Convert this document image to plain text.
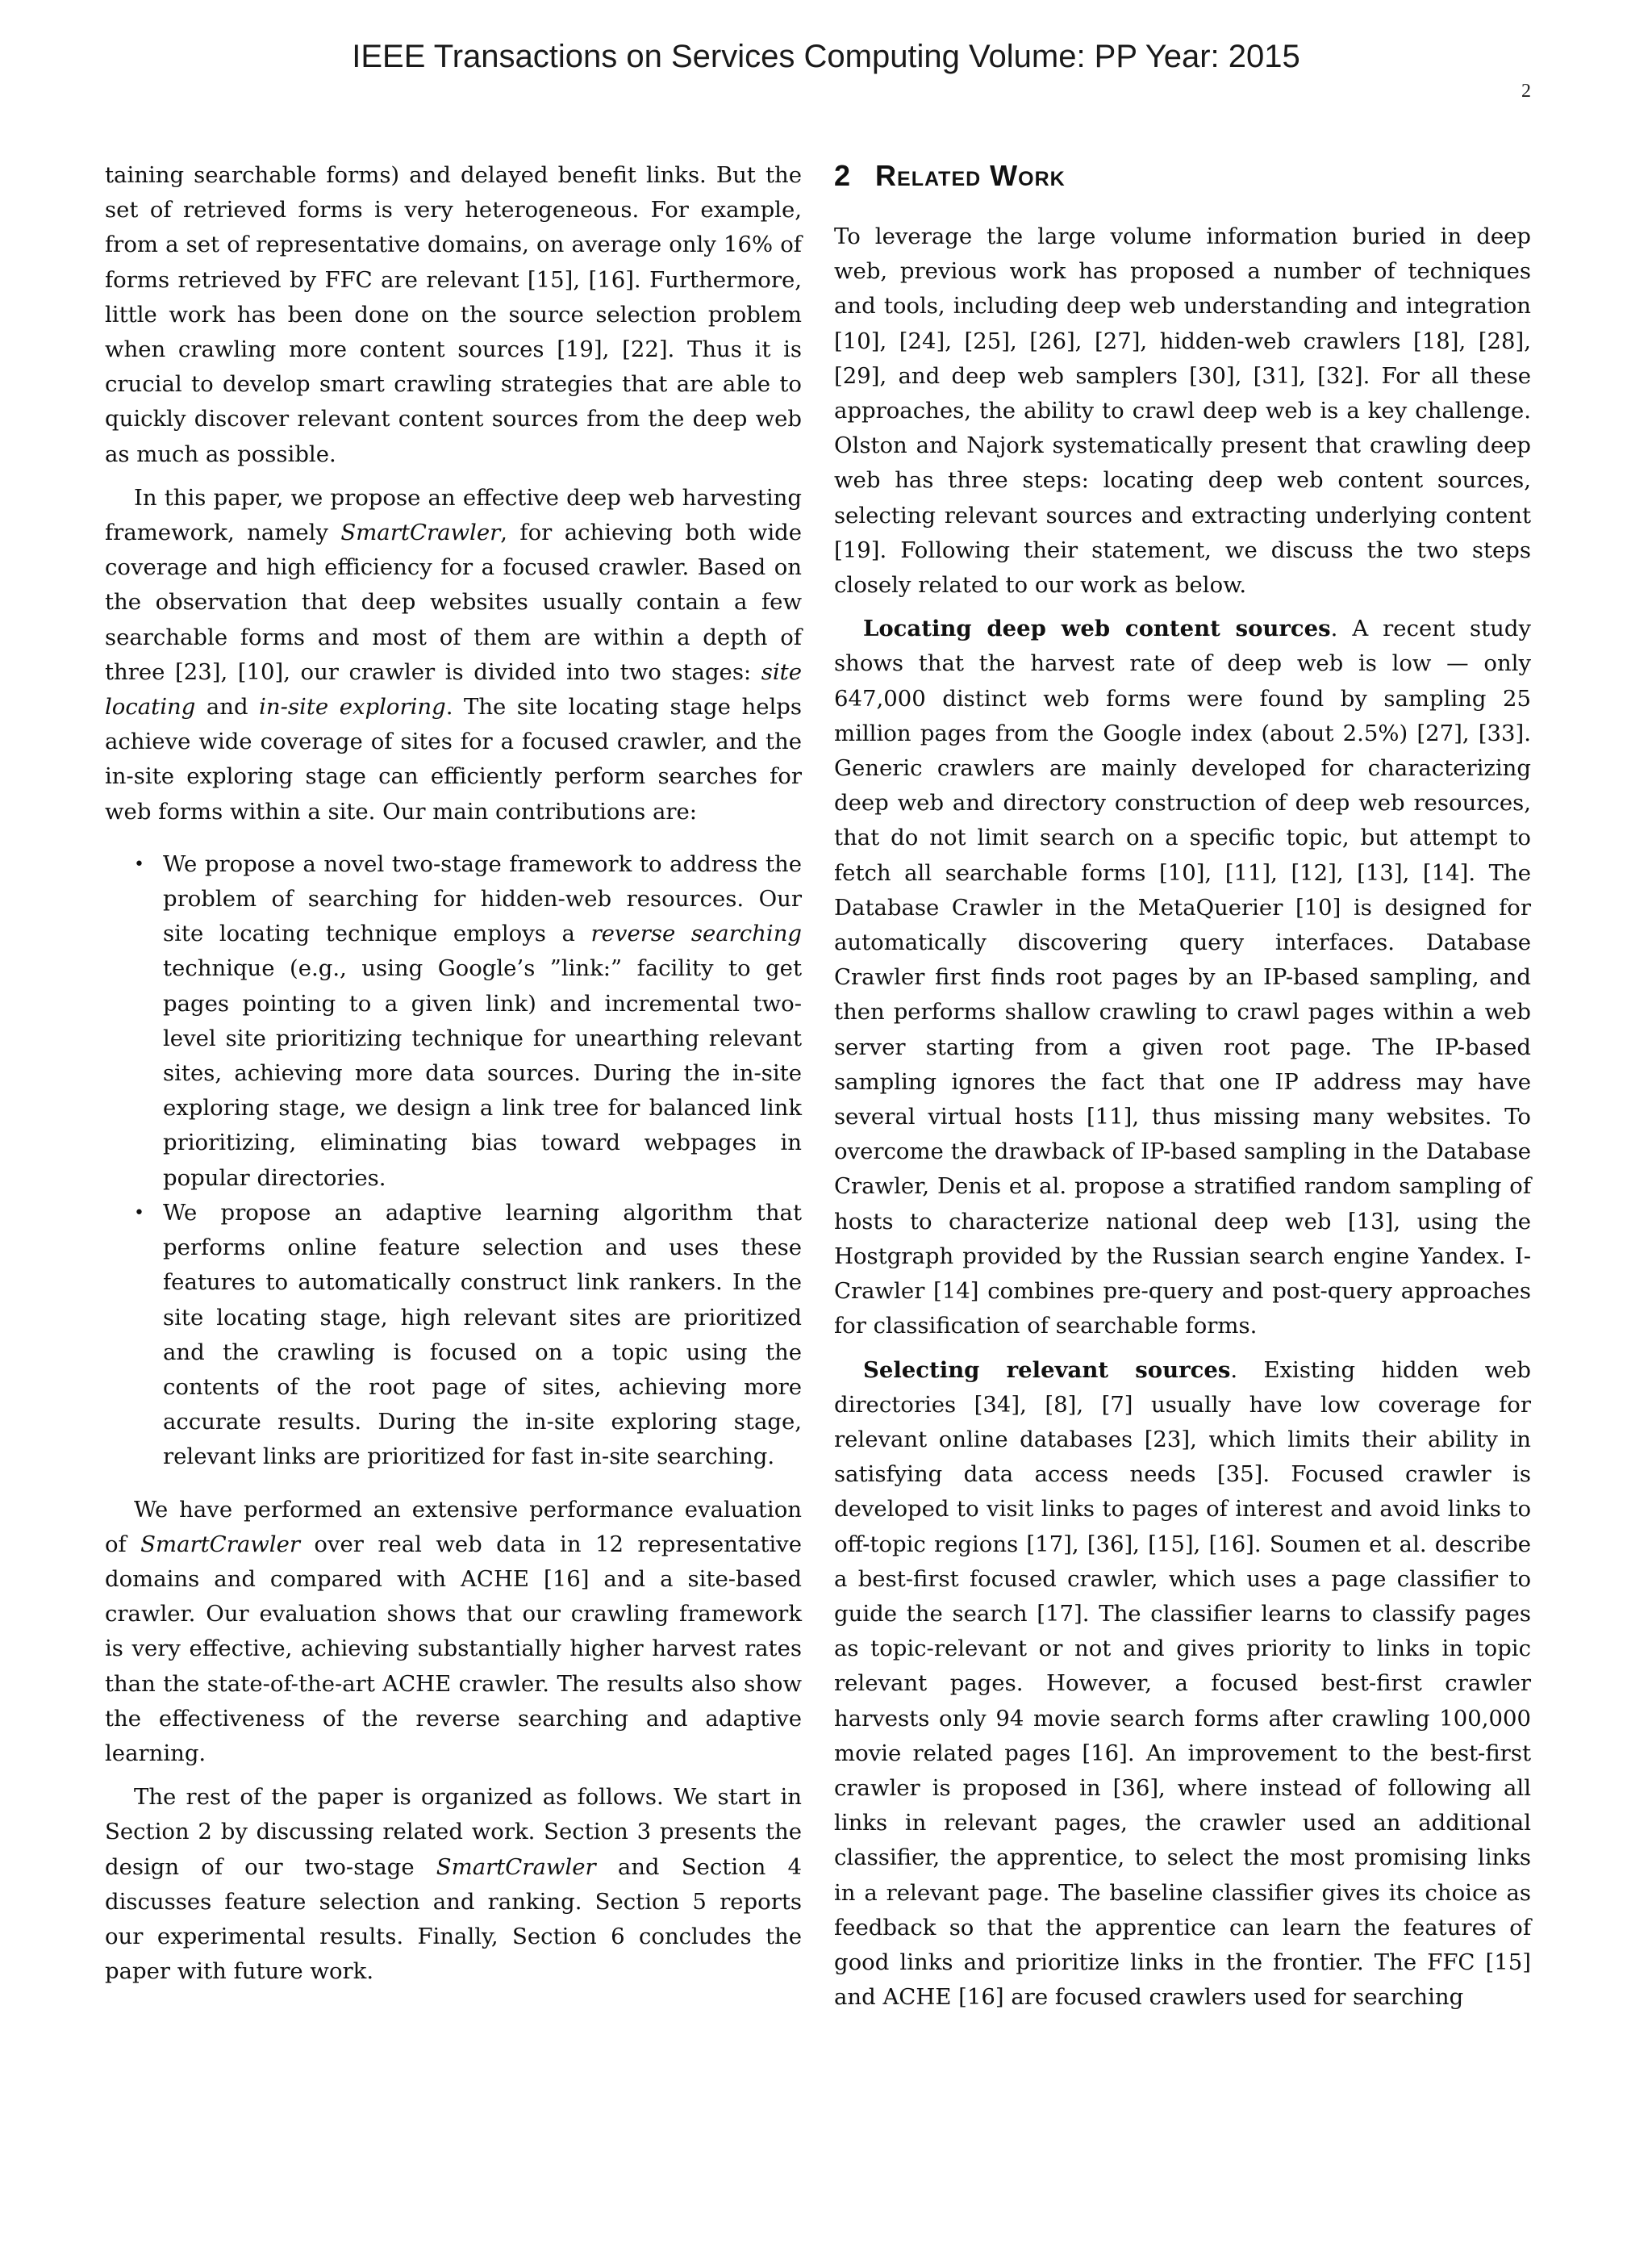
IEEE Transactions on Services Computing Volume: PP Year: 2015
2

taining searchable forms) and delayed benefit links. But the set of retrieved forms is very heterogeneous. For example, from a set of representative domains, on average only 16% of forms retrieved by FFC are relevant [15], [16]. Furthermore, little work has been done on the source selection problem when crawling more content sources [19], [22]. Thus it is crucial to develop smart crawling strategies that are able to quickly discover relevant content sources from the deep web as much as possible.

In this paper, we propose an effective deep web harvesting framework, namely SmartCrawler, for achieving both wide coverage and high efficiency for a focused crawler. Based on the observation that deep websites usually contain a few searchable forms and most of them are within a depth of three [23], [10], our crawler is divided into two stages: site locating and in-site exploring. The site locating stage helps achieve wide coverage of sites for a focused crawler, and the in-site exploring stage can efficiently perform searches for web forms within a site. Our main contributions are:

• We propose a novel two-stage framework to address the problem of searching for hidden-web resources. Our site locating technique employs a reverse searching technique (e.g., using Google’s ”link:” facility to get pages pointing to a given link) and incremental two-level site prioritizing technique for unearthing relevant sites, achieving more data sources. During the in-site exploring stage, we design a link tree for balanced link prioritizing, eliminating bias toward webpages in popular directories.
• We propose an adaptive learning algorithm that performs online feature selection and uses these features to automatically construct link rankers. In the site locating stage, high relevant sites are prioritized and the crawling is focused on a topic using the contents of the root page of sites, achieving more accurate results. During the in-site exploring stage, relevant links are prioritized for fast in-site searching.

We have performed an extensive performance evaluation of SmartCrawler over real web data in 12 representative domains and compared with ACHE [16] and a site-based crawler. Our evaluation shows that our crawling framework is very effective, achieving substantially higher harvest rates than the state-of-the-art ACHE crawler. The results also show the effectiveness of the reverse searching and adaptive learning.

The rest of the paper is organized as follows. We start in Section 2 by discussing related work. Section 3 presents the design of our two-stage SmartCrawler and Section 4 discusses feature selection and ranking. Section 5 reports our experimental results. Finally, Section 6 concludes the paper with future work.

2 Related Work

To leverage the large volume information buried in deep web, previous work has proposed a number of techniques and tools, including deep web understanding and integration [10], [24], [25], [26], [27], hidden-web crawlers [18], [28], [29], and deep web samplers [30], [31], [32]. For all these approaches, the ability to crawl deep web is a key challenge. Olston and Najork systematically present that crawling deep web has three steps: locating deep web content sources, selecting relevant sources and extracting underlying content [19]. Following their statement, we discuss the two steps closely related to our work as below.

Locating deep web content sources. A recent study shows that the harvest rate of deep web is low — only 647,000 distinct web forms were found by sampling 25 million pages from the Google index (about 2.5%) [27], [33]. Generic crawlers are mainly developed for characterizing deep web and directory construction of deep web resources, that do not limit search on a specific topic, but attempt to fetch all searchable forms [10], [11], [12], [13], [14]. The Database Crawler in the MetaQuerier [10] is designed for automatically discovering query interfaces. Database Crawler first finds root pages by an IP-based sampling, and then performs shallow crawling to crawl pages within a web server starting from a given root page. The IP-based sampling ignores the fact that one IP address may have several virtual hosts [11], thus missing many websites. To overcome the drawback of IP-based sampling in the Database Crawler, Denis et al. propose a stratified random sampling of hosts to characterize national deep web [13], using the Hostgraph provided by the Russian search engine Yandex. I-Crawler [14] combines pre-query and post-query approaches for classification of searchable forms.

Selecting relevant sources. Existing hidden web directories [34], [8], [7] usually have low coverage for relevant online databases [23], which limits their ability in satisfying data access needs [35]. Focused crawler is developed to visit links to pages of interest and avoid links to off-topic regions [17], [36], [15], [16]. Soumen et al. describe a best-first focused crawler, which uses a page classifier to guide the search [17]. The classifier learns to classify pages as topic-relevant or not and gives priority to links in topic relevant pages. However, a focused best-first crawler harvests only 94 movie search forms after crawling 100,000 movie related pages [16]. An improvement to the best-first crawler is proposed in [36], where instead of following all links in relevant pages, the crawler used an additional classifier, the apprentice, to select the most promising links in a relevant page. The baseline classifier gives its choice as feedback so that the apprentice can learn the features of good links and prioritize links in the frontier. The FFC [15] and ACHE [16] are focused crawlers used for searching
